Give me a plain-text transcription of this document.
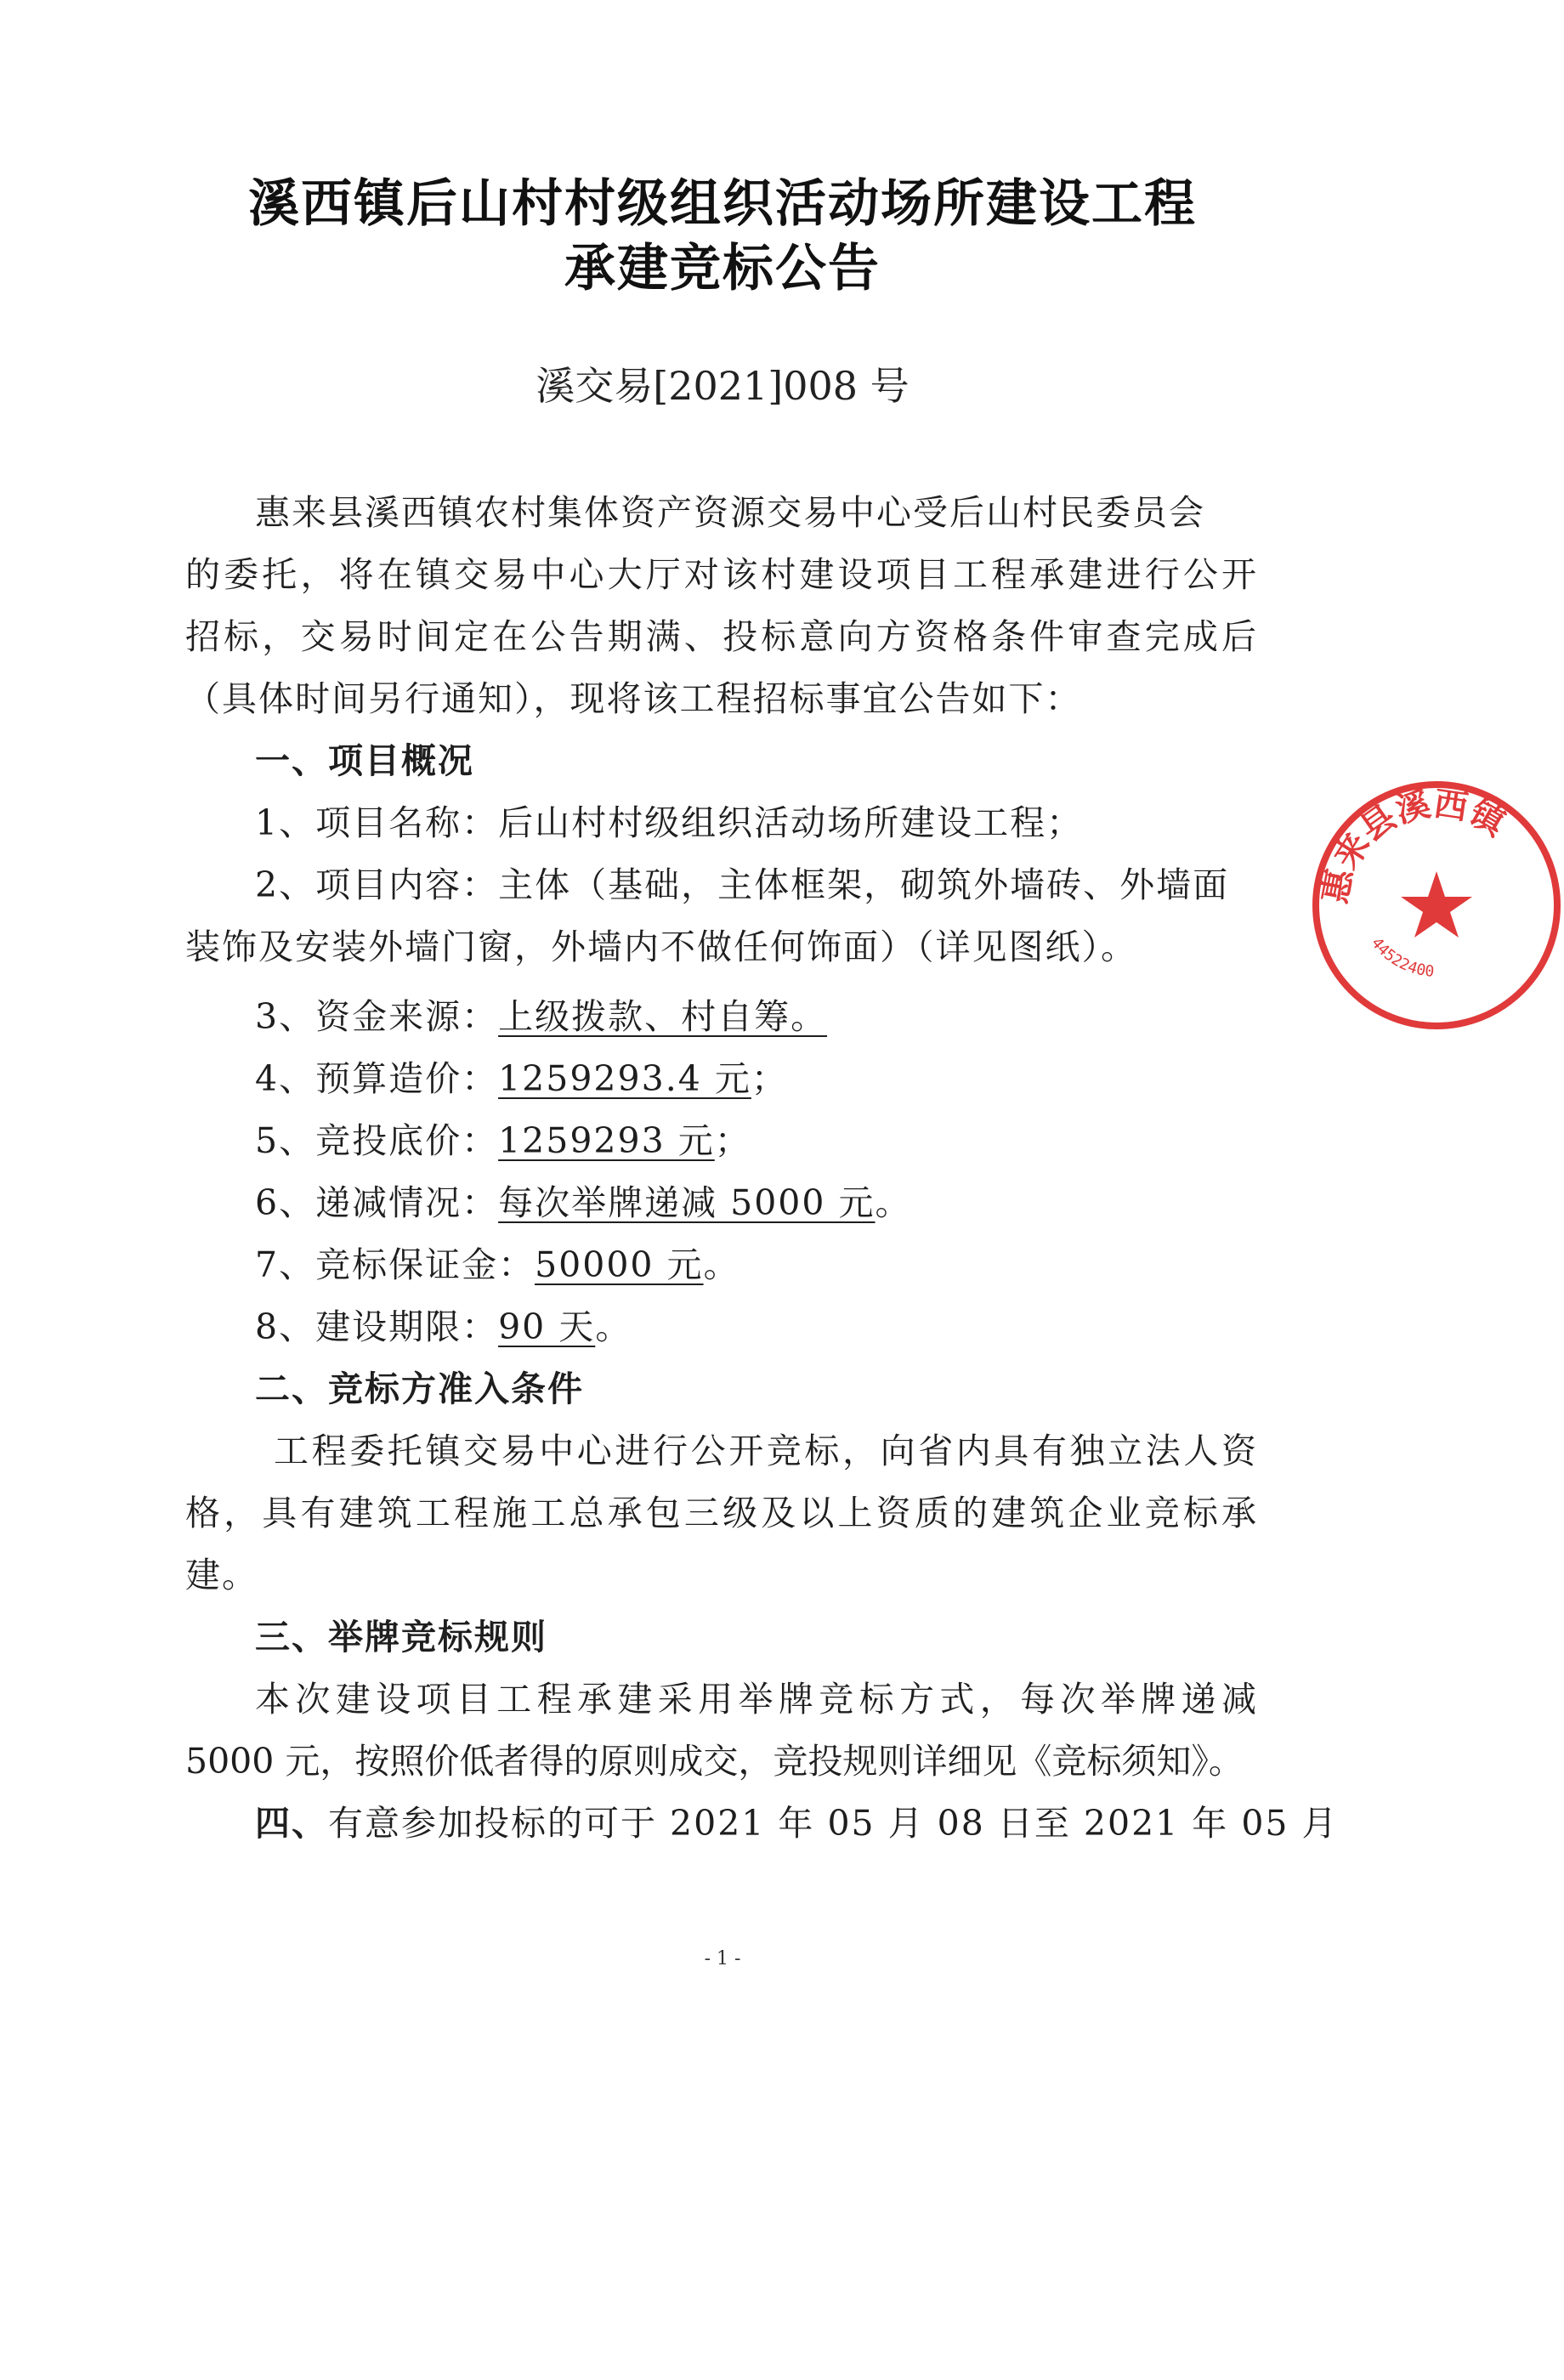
溪西镇后山村村级组织活动场所建设工程
承建竞标公告
溪交易[2021]008 号
惠来县溪西镇农村集体资产资源交易中心受后山村民委员会
的委托，将在镇交易中心大厅对该村建设项目工程承建进行公开
招标，交易时间定在公告期满、投标意向方资格条件审查完成后
（具体时间另行通知），现将该工程招标事宜公告如下：
一、项目概况
1、项目名称：后山村村级组织活动场所建设工程；
2、项目内容：主体（基础，主体框架，砌筑外墙砖、外墙面
装饰及安装外墙门窗，外墙内不做任何饰面）（详见图纸）。
3、资金来源：上级拨款、村自筹。
4、预算造价：1259293.4 元；
5、竞投底价：1259293 元；
6、递减情况：每次举牌递减 5000 元。
7、竞标保证金：50000 元。
8、建设期限：90 天。
二、竞标方准入条件
工程委托镇交易中心进行公开竞标，向省内具有独立法人资
格，具有建筑工程施工总承包三级及以上资质的建筑企业竞标承
建。
三、举牌竞标规则
本次建设项目工程承建采用举牌竞标方式，每次举牌递减
5000 元，按照价低者得的原则成交，竞投规则详细见《竞标须知》。
四、有意参加投标的可于 2021 年 05 月 08 日至 2021 年 05 月
- 1 -
惠来县溪西镇
44522400
